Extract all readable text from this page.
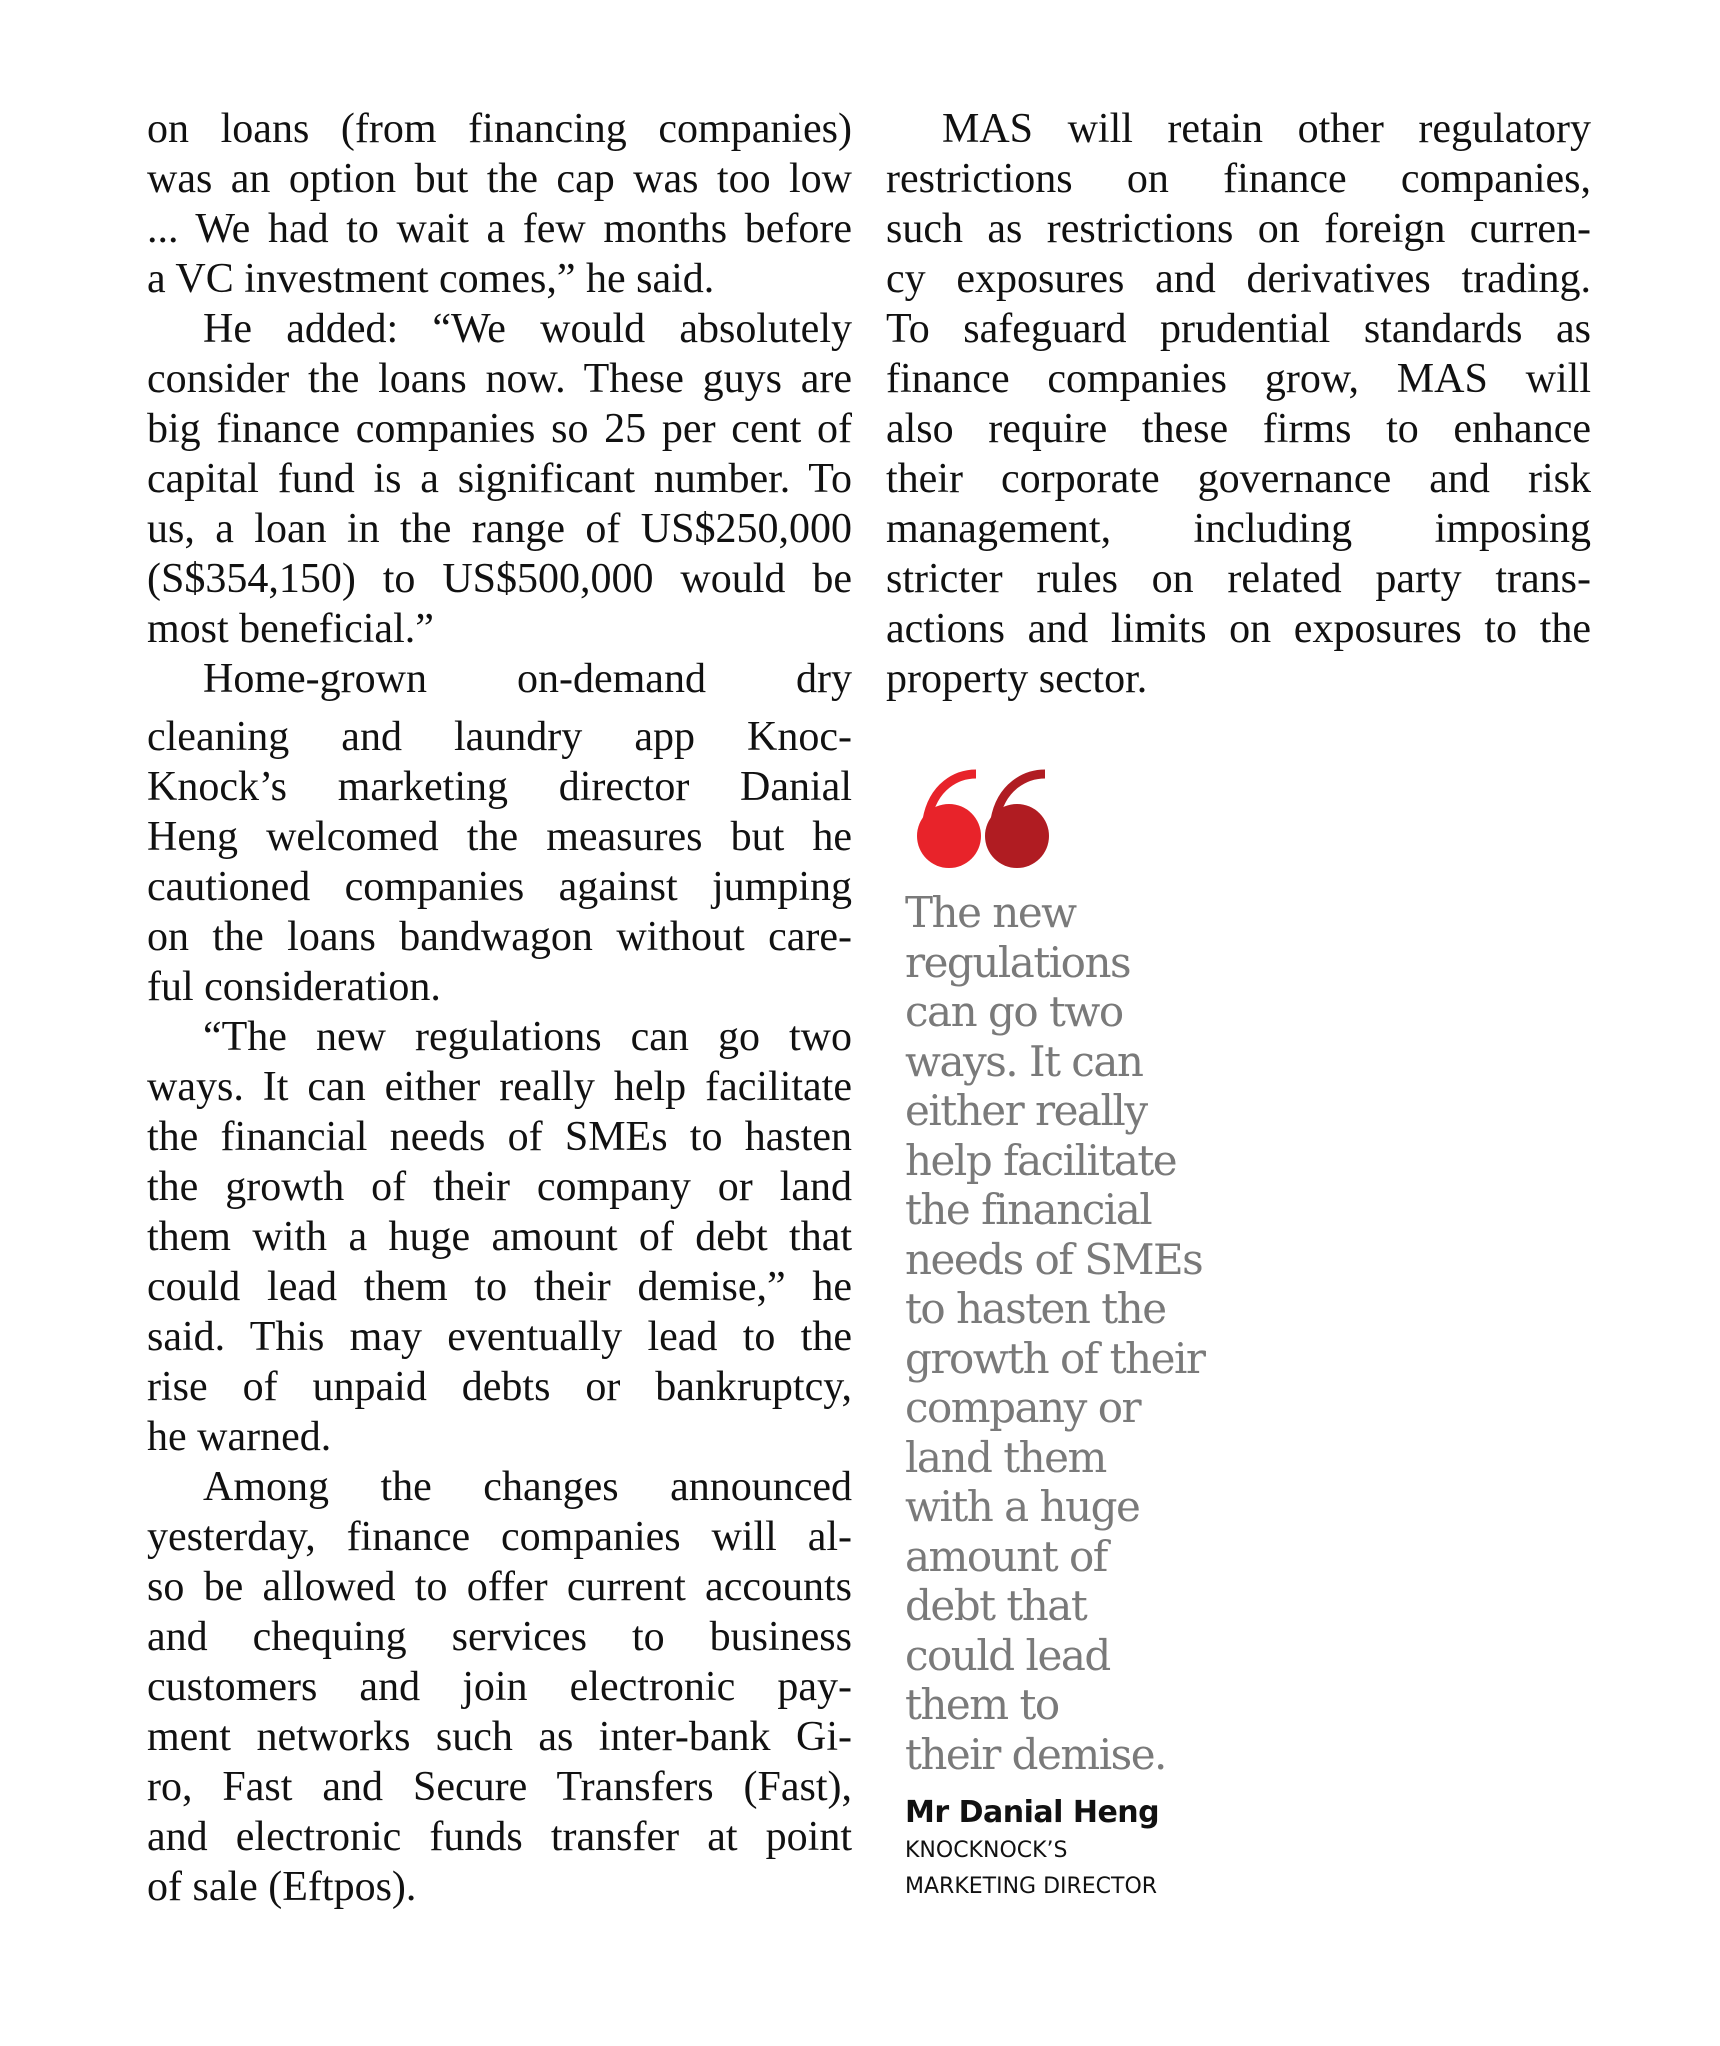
on loans (from financing companies)
was an option but the cap was too low
... We had to wait a few months before
a VC investment comes,” he said.
He added: “We would absolutely
consider the loans now. These guys are
big finance companies so 25 per cent of
capital fund is a significant number. To
us, a loan in the range of US$250,000
(S$354,150) to US$500,000 would be
most beneficial.”
Home-grown on-demand dry
cleaning and laundry app Knoc-
Knock’s marketing director Danial
Heng welcomed the measures but he
cautioned companies against jumping
on the loans bandwagon without care-
ful consideration.
“The new regulations can go two
ways. It can either really help facilitate
the financial needs of SMEs to hasten
the growth of their company or land
them with a huge amount of debt that
could lead them to their demise,” he
said. This may eventually lead to the
rise of unpaid debts or bankruptcy,
he warned.
Among the changes announced
yesterday, finance companies will al-
so be allowed to offer current accounts
and chequing services to business
customers and join electronic pay-
ment networks such as inter-bank Gi-
ro, Fast and Secure Transfers (Fast),
and electronic funds transfer at point
of sale (Eftpos).
MAS will retain other regulatory
restrictions on finance companies,
such as restrictions on foreign curren-
cy exposures and derivatives trading.
To safeguard prudential standards as
finance companies grow, MAS will
also require these firms to enhance
their corporate governance and risk
management, including imposing
stricter rules on related party trans-
actions and limits on exposures to the
property sector.
The new
regulations
can go two
ways. It can
either really
help facilitate
the financial
needs of SMEs
to hasten the
growth of their
company or
land them
with a huge
amount of
debt that
could lead
them to
their demise.
Mr Danial Heng
KNOCKNOCK’S
MARKETING DIRECTOR
